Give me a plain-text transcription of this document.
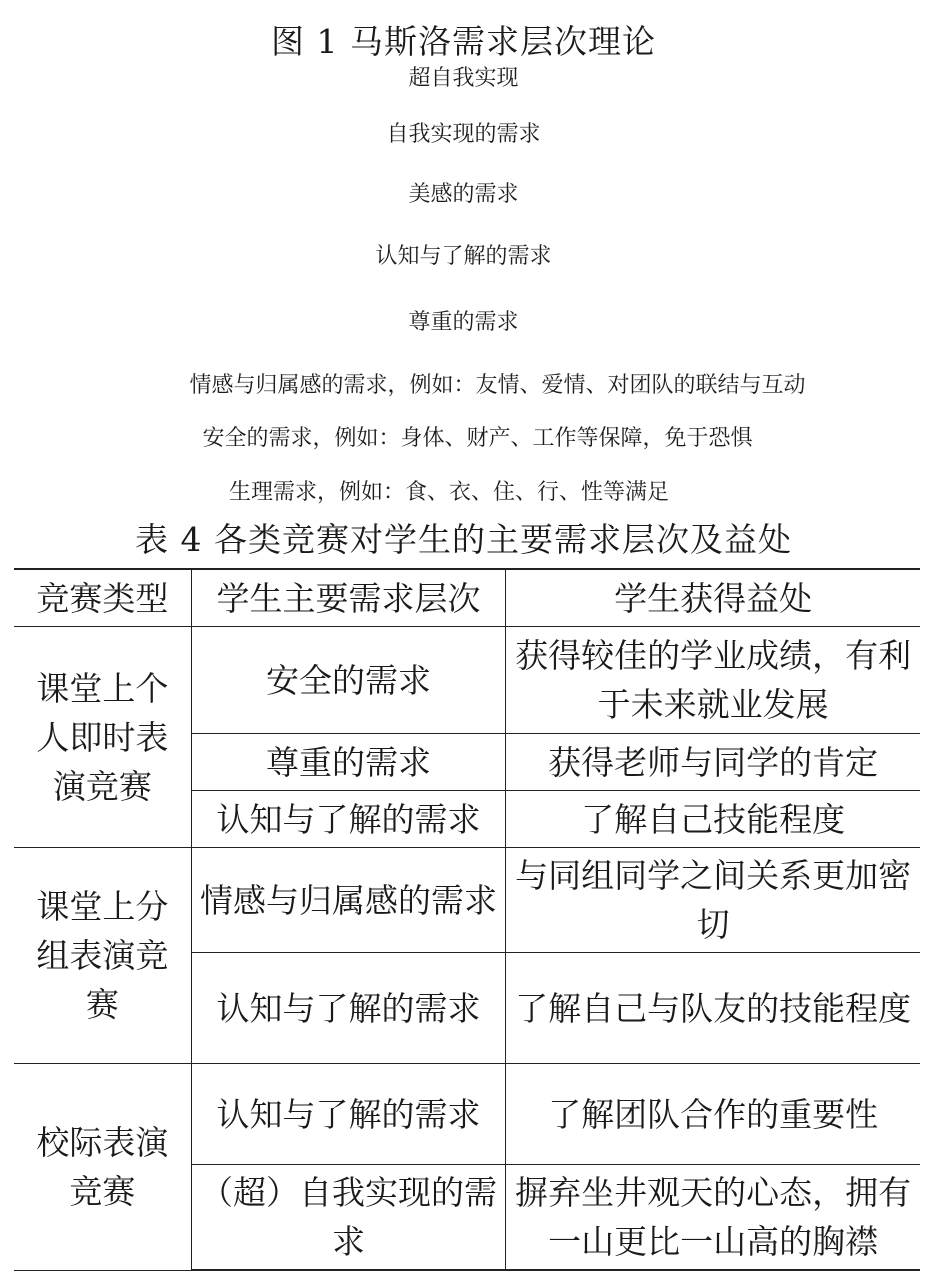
图 1 马斯洛需求层次理论
超自我实现
自我实现的需求
美感的需求
认知与了解的需求
尊重的需求
情感与归属感的需求，例如：友情、爱情、对团队的联结与互动
安全的需求，例如：身体、财产、工作等保障，免于恐惧
生理需求，例如：食、衣、住、行、性等满足
表 4 各类竞赛对学生的主要需求层次及益处
竞赛类型	学生主要需求层次	学生获得益处
课堂上个人即时表演竞赛	安全的需求	获得较佳的学业成绩，有利于未来就业发展
	尊重的需求	获得老师与同学的肯定
	认知与了解的需求	了解自己技能程度
课堂上分组表演竞赛	情感与归属感的需求	与同组同学之间关系更加密切
	认知与了解的需求	了解自己与队友的技能程度
校际表演竞赛	认知与了解的需求	了解团队合作的重要性
	（超）自我实现的需求	摒弃坐井观天的心态，拥有一山更比一山高的胸襟
